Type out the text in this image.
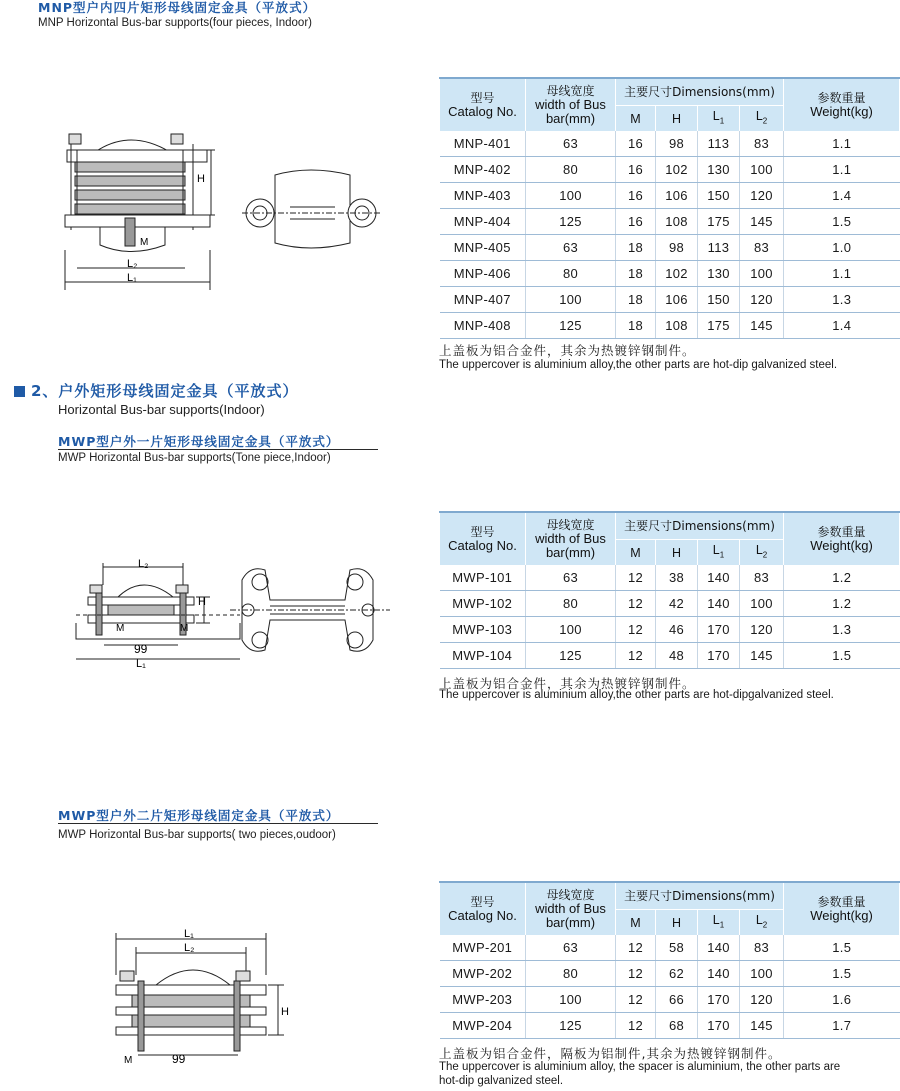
MNP型户内四片矩形母线固定金具（平放式）
MNP Horizontal Bus-bar supports(four pieces, Indoor)
H
M
L₂
L₁
型号
Catalog No.	母线宽度
width of Bus
bar(mm)	主要尺寸Dimensions(mm)				参数重量
Weight(kg)
		M	H	$L_1$	$L_2$
MNP-401	63	16	98	113	83	1.1
MNP-402	80	16	102	130	100	1.1
MNP-403	100	16	106	150	120	1.4
MNP-404	125	16	108	175	145	1.5
MNP-405	63	18	98	113	83	1.0
MNP-406	80	18	102	130	100	1.1
MNP-407	100	18	106	150	120	1.3
MNP-408	125	18	108	175	145	1.4
上盖板为铝合金件，其余为热镀锌钢制件。
The uppercover is aluminium alloy,the other parts are hot-dip galvanized steel.
2、户外矩形母线固定金具（平放式）
Horizontal Bus-bar supports(Indoor)
MWP型户外一片矩形母线固定金具（平放式）
MWP Horizontal Bus-bar supports(Tone piece,Indoor)
L₂
H
M	M
99
L₁
型号
Catalog No.	母线宽度
width of Bus
bar(mm)	主要尺寸Dimensions(mm)				参数重量
Weight(kg)
		M	H	$L_1$	$L_2$
MWP-101	63	12	38	140	83	1.2
MWP-102	80	12	42	140	100	1.2
MWP-103	100	12	46	170	120	1.3
MWP-104	125	12	48	170	145	1.5
上盖板为铝合金件，其余为热镀锌钢制件。
The uppercover is aluminium alloy,the other parts are hot-dipgalvanized steel.
MWP型户外二片矩形母线固定金具（平放式）
MWP Horizontal Bus-bar supports( two pieces,oudoor)
L₁
L₂
H
M	99
型号
Catalog No.	母线宽度
width of Bus
bar(mm)	主要尺寸Dimensions(mm)				参数重量
Weight(kg)
		M	H	$L_1$	$L_2$
MWP-201	63	12	58	140	83	1.5
MWP-202	80	12	62	140	100	1.5
MWP-203	100	12	66	170	120	1.6
MWP-204	125	12	68	170	145	1.7
上盖板为铝合金件，隔板为铝制件,其余为热镀锌钢制件。
The uppercover is aluminium alloy, the spacer is aluminium, the other parts are
hot-dip galvanized steel.
